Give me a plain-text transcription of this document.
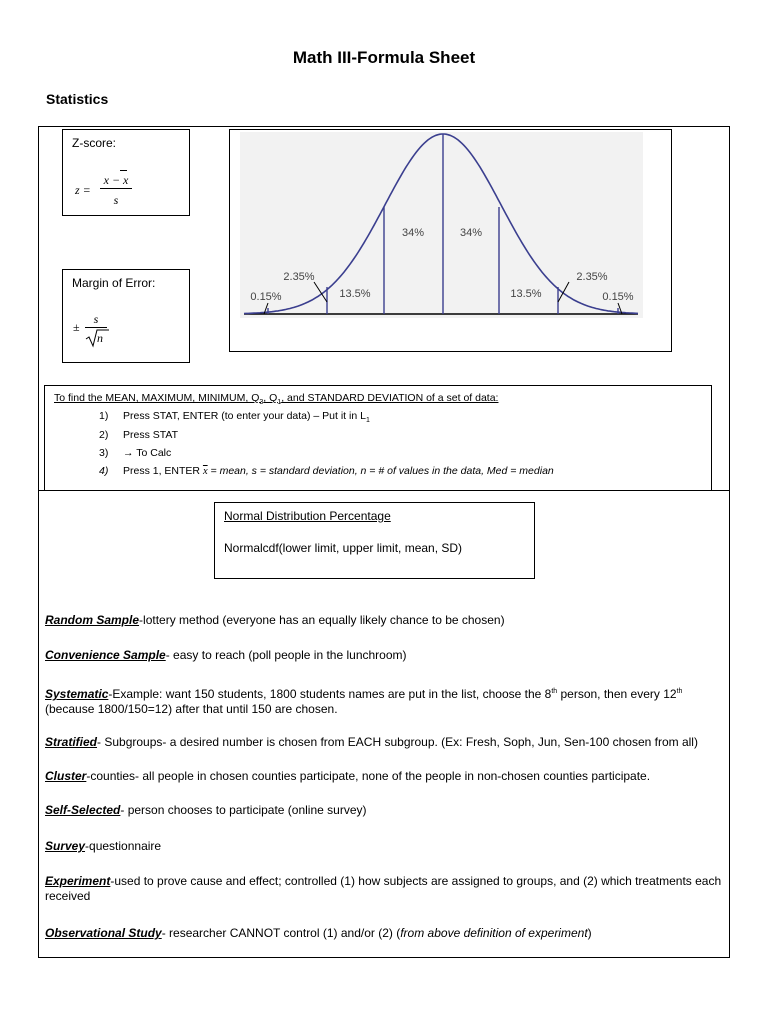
Math III-Formula Sheet
Statistics
Z-score:
z =
x − x
s
Margin of Error:
±
s
n
34%	34%
13.5%	13.5%
2.35%	2.35%
0.15%	0.15%
To find the MEAN, MAXIMUM, MINIMUM, $Q_3$, $Q_1$, and STANDARD DEVIATION of a set of data:
1) Press STAT, ENTER (to enter your data) – Put it in $L_1$
2) Press STAT
3) → To Calc
4) Press 1, ENTER $\overline{x}$ = mean, s = standard deviation, n = # of values in the data, Med = median
Normal Distribution Percentage
Normalcdf(lower limit, upper limit, mean, SD)
Random Sample-lottery method (everyone has an equally likely chance to be chosen)
Convenience Sample- easy to reach (poll people in the lunchroom)
Systematic-Example: want 150 students, 1800 students names are put in the list, choose the 8th person, then every 12th (because 1800/150=12) after that until 150 are chosen.
Stratified- Subgroups- a desired number is chosen from EACH subgroup. (Ex: Fresh, Soph, Jun, Sen-100 chosen from all)
Cluster-counties- all people in chosen counties participate, none of the people in non-chosen counties participate.
Self-Selected- person chooses to participate (online survey)
Survey-questionnaire
Experiment-used to prove cause and effect; controlled (1) how subjects are assigned to groups, and (2) which treatments each received
Observational Study- researcher CANNOT control (1) and/or (2) (from above definition of experiment)
